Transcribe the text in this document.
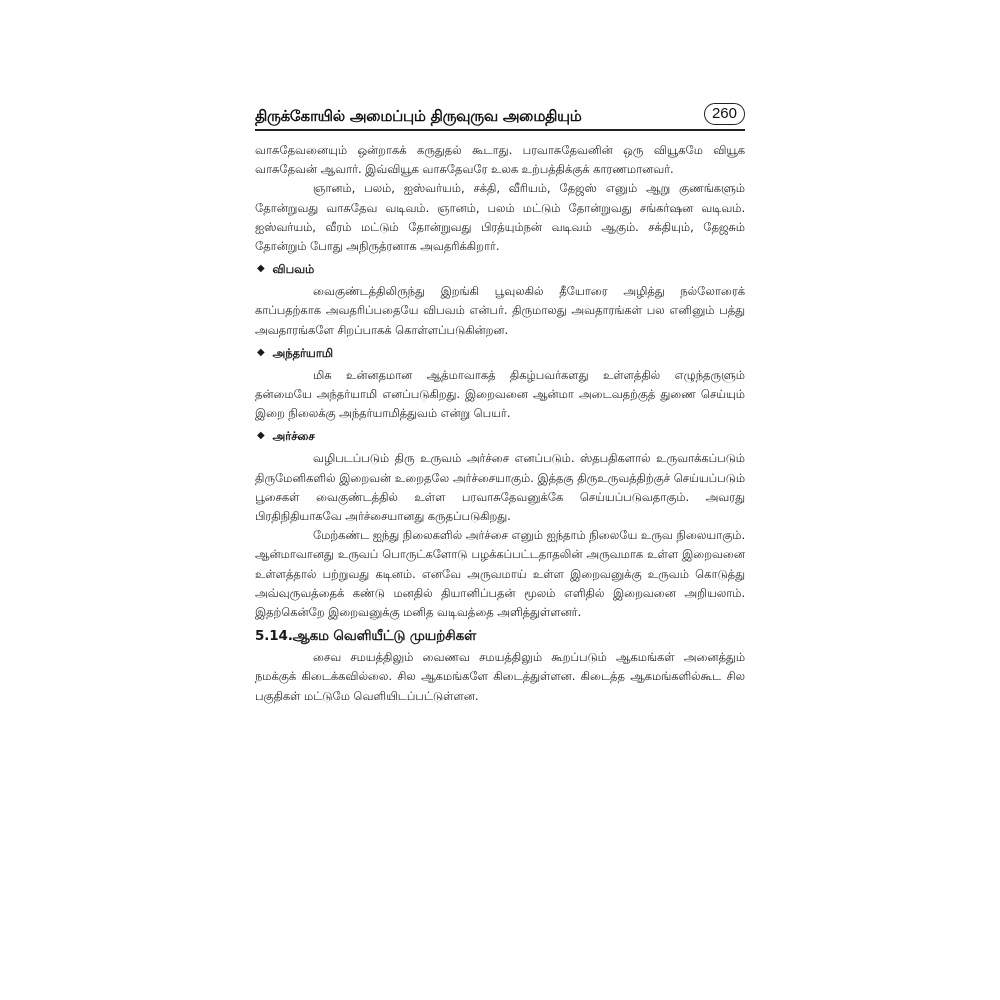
திருக்கோயில் அமைப்பும் திருவுருவ அமைதியும்	260

வாசுதேவனையும் ஒன்றாகக் கருதுதல் கூடாது. பரவாசுதேவனின் ஒரு வியூகமே வியூக வாசுதேவன் ஆவார். இவ்வியூக வாசுதேவரே உலக உற்பத்திக்குக் காரணமானவர்.

ஞானம், பலம், ஐஸ்வர்யம், சக்தி, வீரியம், தேஜஸ் எனும் ஆறு குணங்களும் தோன்றுவது வாசுதேவ வடிவம். ஞானம், பலம் மட்டும் தோன்றுவது சங்கர்ஷன வடிவம். ஐஸ்வர்யம், வீரம் மட்டும் தோன்றுவது பிரத்யும்நன் வடிவம் ஆகும். சக்தியும், தேஜசும் தோன்றும் போது அநிருத்ரனாக அவதரிக்கிறார்.

◆ விபவம்

வைகுண்டத்திலிருந்து இறங்கி பூவுலகில் தீயோரை அழித்து நல்லோரைக் காப்பதற்காக அவதரிப்பதையே விபவம் என்பர். திருமாலது அவதாரங்கள் பல எனினும் பத்து அவதாரங்களே சிறப்பாகக் கொள்ளப்படுகின்றன.

◆ அந்தர்யாமி

மிக உன்னதமான ஆத்மாவாகத் திகழ்பவர்களது உள்ளத்தில் எழுந்தருளும் தன்மையே அந்தர்யாமி எனப்படுகிறது. இறைவனை ஆன்மா அடைவதற்குத் துணை செய்யும் இறை நிலைக்கு அந்தர்யாமித்துவம் என்று பெயர்.

◆ அர்ச்சை

வழிபடப்படும் திரு உருவம் அர்ச்சை எனப்படும். ஸ்தபதிகளால் உருவாக்கப்படும் திருமேனிகளில் இறைவன் உறைதலே அர்ச்சையாகும். இத்தகு திருஉருவத்திற்குச் செய்யப்படும் பூசைகள் வைகுண்டத்தில் உள்ள பரவாசுதேவனுக்கே செய்யப்படுவதாகும். அவரது பிரதிநிதியாகவே அர்ச்சையானது கருதப்படுகிறது.

மேற்கண்ட ஐந்து நிலைகளில் அர்ச்சை எனும் ஐந்தாம் நிலையே உருவ நிலையாகும். ஆன்மாவானது உருவப் பொருட்களோடு பழக்கப்பட்டதாதலின் அருவமாக உள்ள இறைவனை உள்ளத்தால் பற்றுவது கடினம். எனவே அருவமாய் உள்ள இறைவனுக்கு உருவம் கொடுத்து அவ்வுருவத்தைக் கண்டு மனதில் தியானிப்பதன் மூலம் எளிதில் இறைவனை அறியலாம். இதற்கென்றே இறைவனுக்கு மனித வடிவத்தை அளித்துள்ளனர்.

5.14.ஆகம வெளியீட்டு முயற்சிகள்

சைவ சமயத்திலும் வைணவ சமயத்திலும் கூறப்படும் ஆகமங்கள் அனைத்தும் நமக்குக் கிடைக்கவில்லை. சில ஆகமங்களே கிடைத்துள்ளன. கிடைத்த ஆகமங்களில்கூட சில பகுதிகள் மட்டுமே வெளியிடப்பட்டுள்ளன.
